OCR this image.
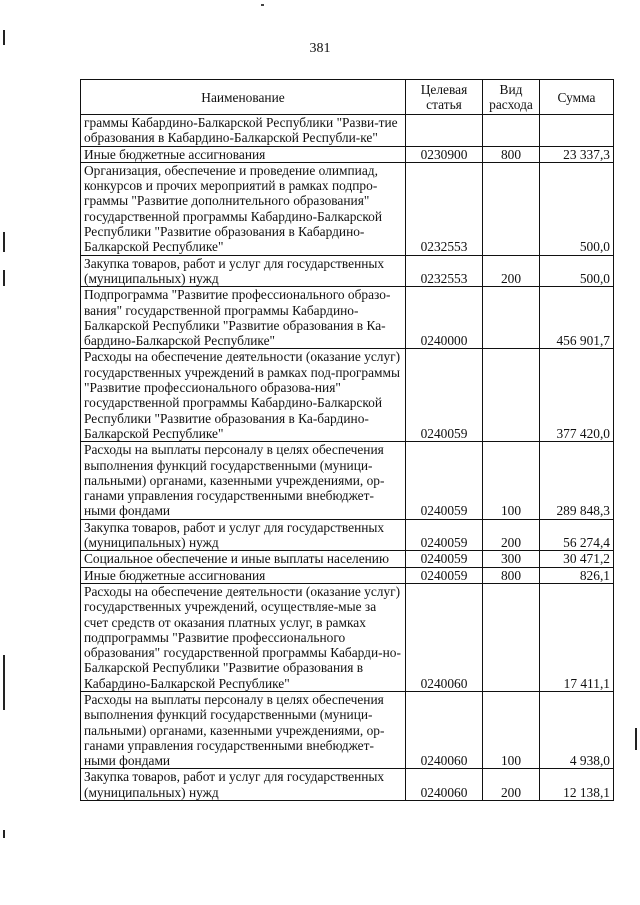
381
Наименование	Целевая статья	Вид расхода	Сумма
граммы Кабардино-Балкарской Республики "Разви-тие образования в Кабардино-Балкарской Республи-ке"			
Иные бюджетные ассигнования	0230900	800	23 337,3
Организация, обеспечение и проведение олимпиад, конкурсов и прочих мероприятий в рамках подпро-граммы "Развитие дополнительного образования" государственной программы Кабардино-Балкарской Республики "Развитие образования в Кабардино-Балкарской Республике"	0232553		500,0
Закупка товаров, работ и услуг для государственных (муниципальных) нужд	0232553	200	500,0
Подпрограмма "Развитие профессионального образо-вания" государственной программы Кабардино-Балкарской Республики "Развитие образования в Ка-бардино-Балкарской Республике"	0240000		456 901,7
Расходы на обеспечение деятельности (оказание услуг) государственных учреждений в рамках под-программы "Развитие профессионального образова-ния" государственной программы Кабардино-Балкарской Республики "Развитие образования в Ка-бардино-Балкарской Республике"	0240059		377 420,0
Расходы на выплаты персоналу в целях обеспечения выполнения функций государственными (муници-пальными) органами, казенными учреждениями, ор-ганами управления государственными внебюджет-ными фондами	0240059	100	289 848,3
Закупка товаров, работ и услуг для государственных (муниципальных) нужд	0240059	200	56 274,4
Социальное обеспечение и иные выплаты населению	0240059	300	30 471,2
Иные бюджетные ассигнования	0240059	800	826,1
Расходы на обеспечение деятельности (оказание услуг) государственных учреждений, осуществляе-мые за счет средств от оказания платных услуг, в рамках подпрограммы "Развитие профессионального образования" государственной программы Кабарди-но-Балкарской Республики "Развитие образования в Кабардино-Балкарской Республике"	0240060		17 411,1
Расходы на выплаты персоналу в целях обеспечения выполнения функций государственными (муници-пальными) органами, казенными учреждениями, ор-ганами управления государственными внебюджет-ными фондами	0240060	100	4 938,0
Закупка товаров, работ и услуг для государственных (муниципальных) нужд	0240060	200	12 138,1
